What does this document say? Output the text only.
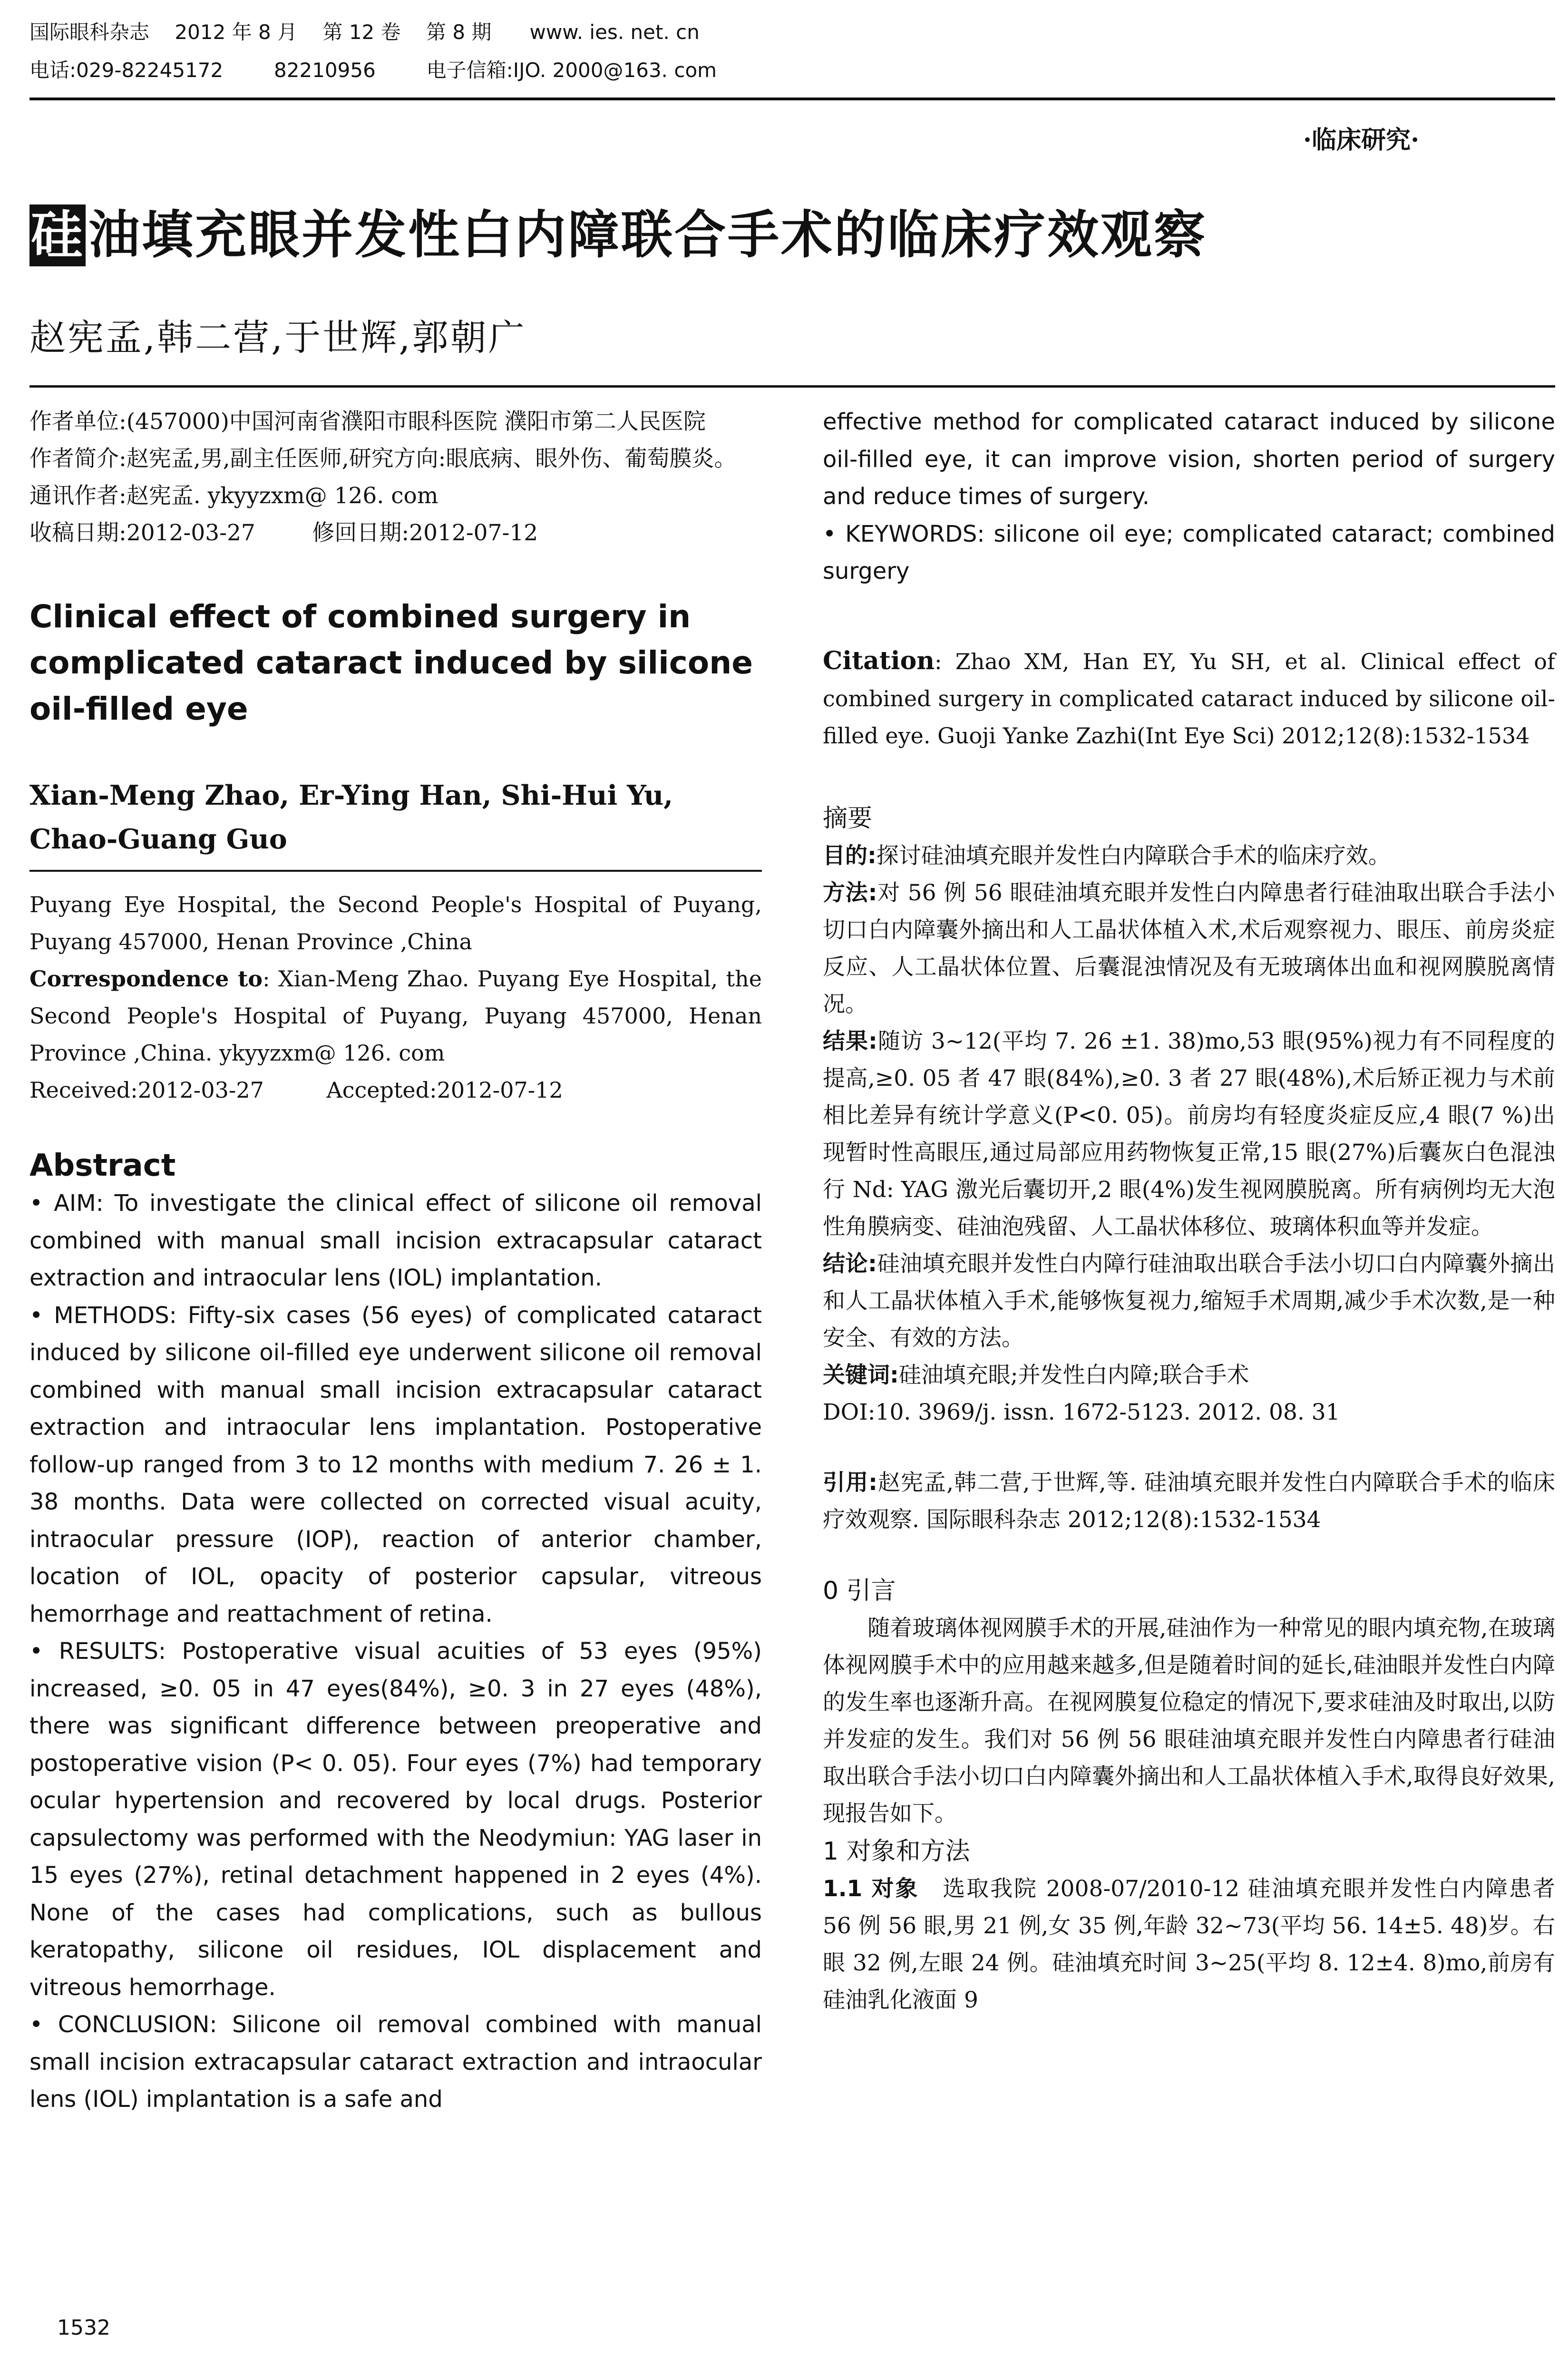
国际眼科杂志    2012 年 8 月    第 12 卷    第 8 期      www. ies. net. cn
电话:029-82245172        82210956        电子信箱:IJO. 2000@163. com
·临床研究·
硅油填充眼并发性白内障联合手术的临床疗效观察
赵宪孟,韩二营,于世辉,郭朝广

作者单位:(457000)中国河南省濮阳市眼科医院 濮阳市第二人民医院

作者简介:赵宪孟,男,副主任医师,研究方向:眼底病、眼外伤、葡萄膜炎。

通讯作者:赵宪孟. ykyyzxm@ 126. com

收稿日期:2012-03-27        修回日期:2012-07-12

Clinical effect of combined surgery in complicated cataract induced by silicone oil-filled eye

Xian-Meng Zhao, Er-Ying Han, Shi-Hui Yu, Chao-Guang Guo

Puyang Eye Hospital, the Second People's Hospital of Puyang, Puyang 457000, Henan Province ,China

Correspondence to: Xian-Meng Zhao. Puyang Eye Hospital, the Second People's Hospital of Puyang, Puyang 457000, Henan Province ,China. ykyyzxm@ 126. com

Received:2012-03-27         Accepted:2012-07-12

Abstract

• AIM: To investigate the clinical effect of silicone oil removal combined with manual small incision extracapsular cataract extraction and intraocular lens (IOL) implantation.

• METHODS: Fifty-six cases (56 eyes) of complicated cataract induced by silicone oil-filled eye underwent silicone oil removal combined with manual small incision extracapsular cataract extraction and intraocular lens implantation. Postoperative follow-up ranged from 3 to 12 months with medium 7. 26 ± 1. 38 months. Data were collected on corrected visual acuity, intraocular pressure (IOP), reaction of anterior chamber, location of IOL, opacity of posterior capsular, vitreous hemorrhage and reattachment of retina.

• RESULTS: Postoperative visual acuities of 53 eyes (95%) increased, ≥0. 05 in 47 eyes(84%), ≥0. 3 in 27 eyes (48%), there was significant difference between preoperative and postoperative vision (P< 0. 05). Four eyes (7%) had temporary ocular hypertension and recovered by local drugs. Posterior capsulectomy was performed with the Neodymiun: YAG laser in 15 eyes (27%), retinal detachment happened in 2 eyes (4%). None of the cases had complications, such as bullous keratopathy, silicone oil residues, IOL displacement and vitreous hemorrhage.

• CONCLUSION: Silicone oil removal combined with manual small incision extracapsular cataract extraction and intraocular lens (IOL) implantation is a safe and

1532

effective method for complicated cataract induced by silicone oil-filled eye, it can improve vision, shorten period of surgery and reduce times of surgery.

• KEYWORDS: silicone oil eye; complicated cataract; combined surgery

Citation: Zhao XM, Han EY, Yu SH, et al. Clinical effect of combined surgery in complicated cataract induced by silicone oil-filled eye. Guoji Yanke Zazhi(Int Eye Sci) 2012;12(8):1532-1534

摘要

目的:探讨硅油填充眼并发性白内障联合手术的临床疗效。

方法:对 56 例 56 眼硅油填充眼并发性白内障患者行硅油取出联合手法小切口白内障囊外摘出和人工晶状体植入术,术后观察视力、眼压、前房炎症反应、人工晶状体位置、后囊混浊情况及有无玻璃体出血和视网膜脱离情况。

结果:随访 3~12(平均 7. 26 ±1. 38)mo,53 眼(95%)视力有不同程度的提高,≥0. 05 者 47 眼(84%),≥0. 3 者 27 眼(48%),术后矫正视力与术前相比差异有统计学意义(P<0. 05)。前房均有轻度炎症反应,4 眼(7 %)出现暂时性高眼压,通过局部应用药物恢复正常,15 眼(27%)后囊灰白色混浊行 Nd: YAG 激光后囊切开,2 眼(4%)发生视网膜脱离。所有病例均无大泡性角膜病变、硅油泡残留、人工晶状体移位、玻璃体积血等并发症。

结论:硅油填充眼并发性白内障行硅油取出联合手法小切口白内障囊外摘出和人工晶状体植入手术,能够恢复视力,缩短手术周期,减少手术次数,是一种安全、有效的方法。

关键词:硅油填充眼;并发性白内障;联合手术

DOI:10. 3969/j. issn. 1672-5123. 2012. 08. 31

引用:赵宪孟,韩二营,于世辉,等. 硅油填充眼并发性白内障联合手术的临床疗效观察. 国际眼科杂志 2012;12(8):1532-1534

0 引言

随着玻璃体视网膜手术的开展,硅油作为一种常见的眼内填充物,在玻璃体视网膜手术中的应用越来越多,但是随着时间的延长,硅油眼并发性白内障的发生率也逐渐升高。在视网膜复位稳定的情况下,要求硅油及时取出,以防并发症的发生。我们对 56 例 56 眼硅油填充眼并发性白内障患者行硅油取出联合手法小切口白内障囊外摘出和人工晶状体植入手术,取得良好效果,现报告如下。

1 对象和方法

1.1 对象  选取我院 2008-07/2010-12 硅油填充眼并发性白内障患者 56 例 56 眼,男 21 例,女 35 例,年龄 32~73(平均 56. 14±5. 48)岁。右眼 32 例,左眼 24 例。硅油填充时间 3~25(平均 8. 12±4. 8)mo,前房有硅油乳化液面 9
